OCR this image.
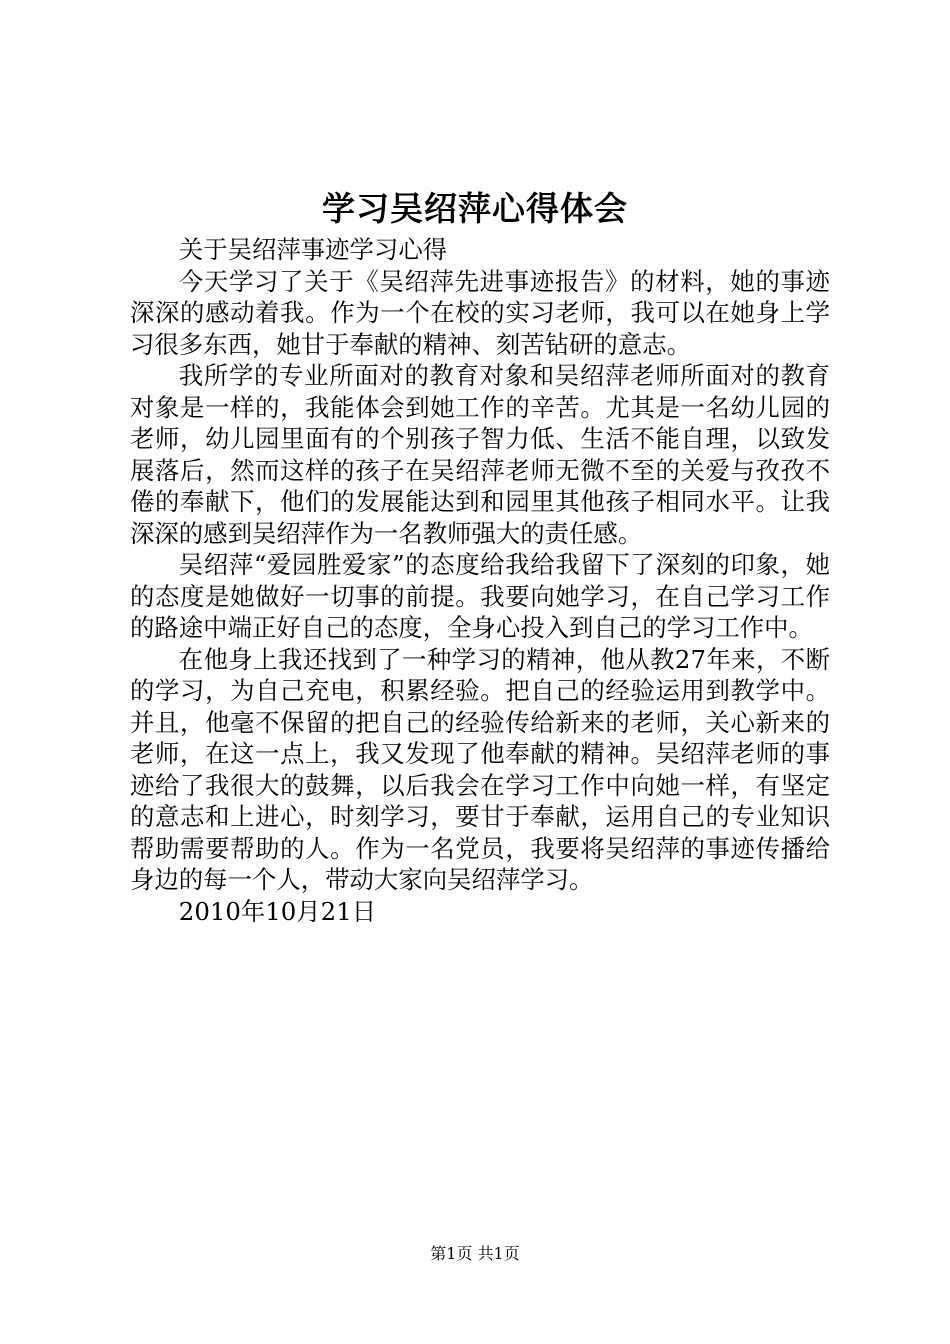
学习吴绍萍心得体会

关于吴绍萍事迹学习心得

今天学习了关于《吴绍萍先进事迹报告》的材料，她的事迹深深的感动着我。作为一个在校的实习老师，我可以在她身上学习很多东西，她甘于奉献的精神、刻苦钻研的意志。

我所学的专业所面对的教育对象和吴绍萍老师所面对的教育对象是一样的，我能体会到她工作的辛苦。尤其是一名幼儿园的老师，幼儿园里面有的个别孩子智力低、生活不能自理，以致发展落后，然而这样的孩子在吴绍萍老师无微不至的关爱与孜孜不倦的奉献下，他们的发展能达到和园里其他孩子相同水平。让我深深的感到吴绍萍作为一名教师强大的责任感。

吴绍萍“爱园胜爱家”的态度给我给我留下了深刻的印象，她的态度是她做好一切事的前提。我要向她学习，在自己学习工作的路途中端正好自己的态度，全身心投入到自己的学习工作中。

在他身上我还找到了一种学习的精神，他从教27年来，不断的学习，为自己充电，积累经验。把自己的经验运用到教学中。并且，他毫不保留的把自己的经验传给新来的老师，关心新来的老师，在这一点上，我又发现了他奉献的精神。吴绍萍老师的事迹给了我很大的鼓舞，以后我会在学习工作中向她一样，有坚定的意志和上进心，时刻学习，要甘于奉献，运用自己的专业知识帮助需要帮助的人。作为一名党员，我要将吴绍萍的事迹传播给身边的每一个人，带动大家向吴绍萍学习。

2010年10月21日

第1页 共1页
